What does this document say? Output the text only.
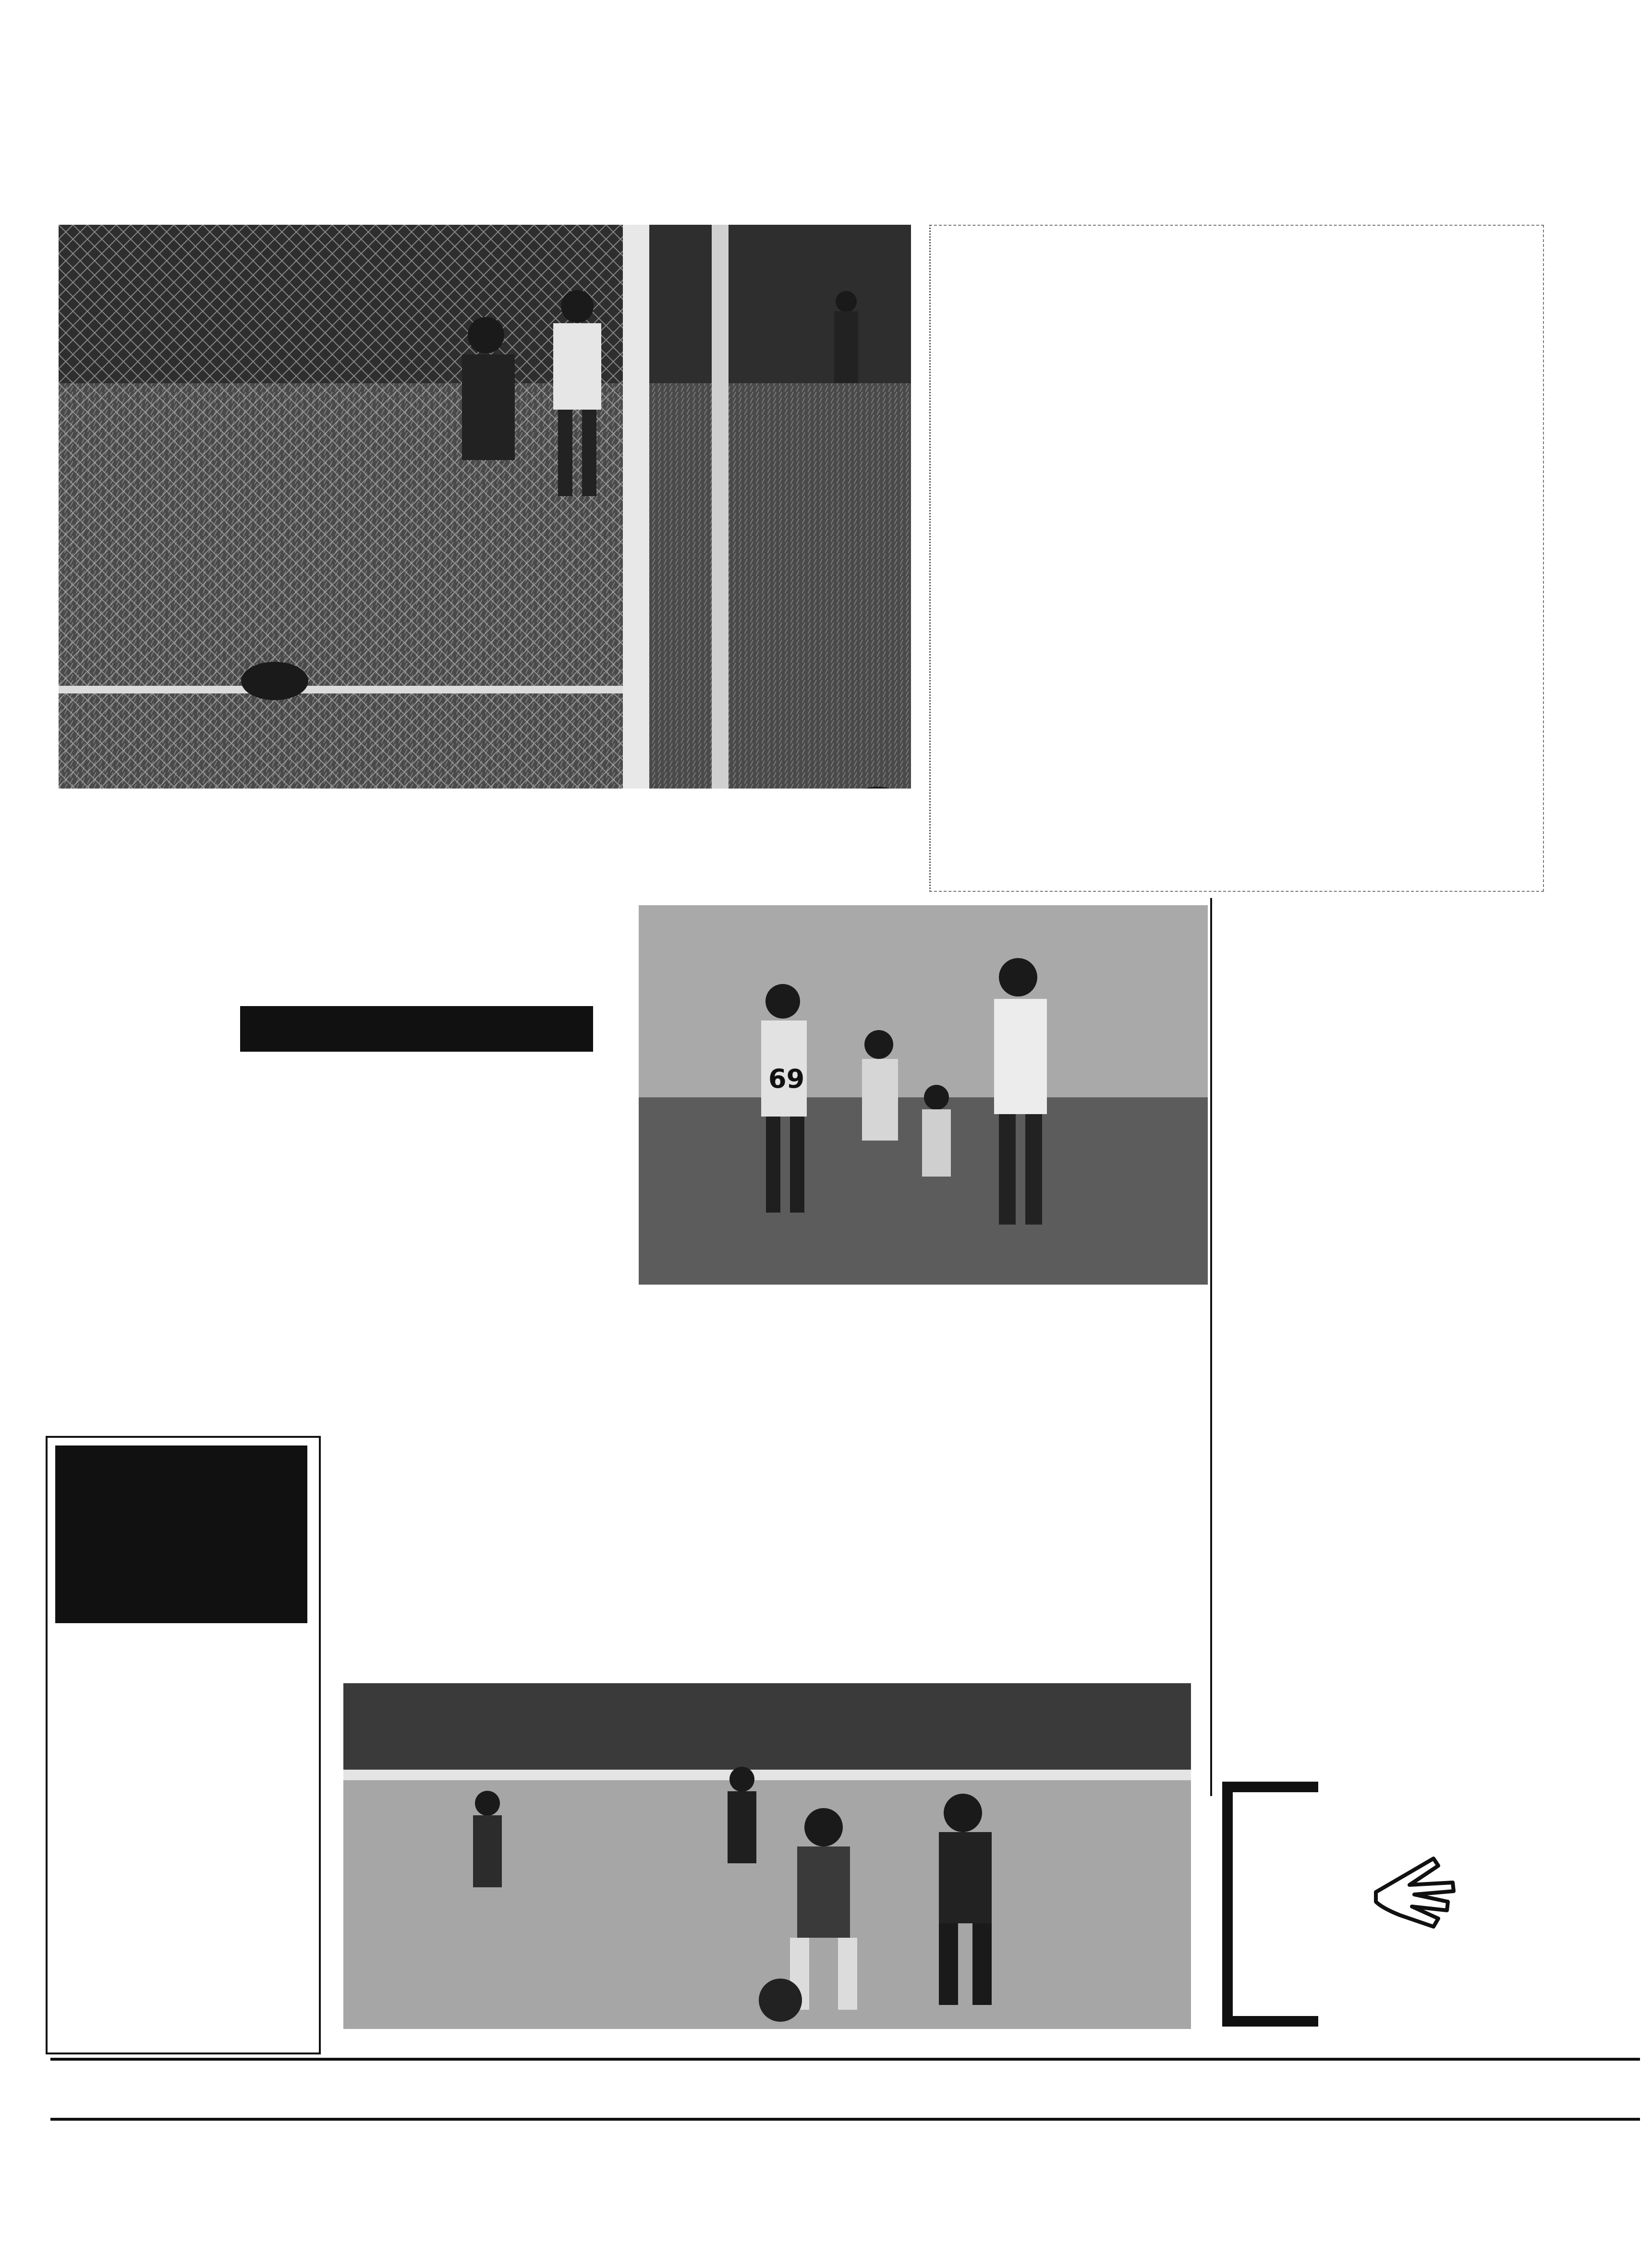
69
